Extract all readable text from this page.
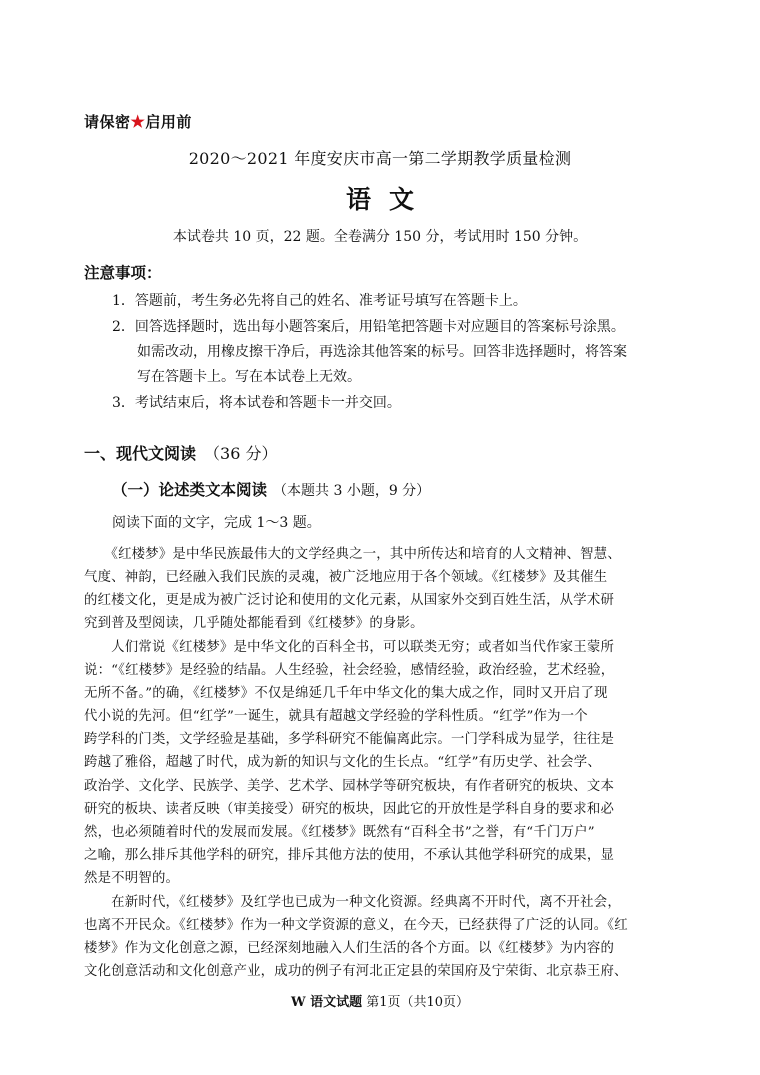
请保密★启用前
2020～2021 年度安庆市高一第二学期教学质量检测
语文
本试卷共 10 页，22 题。全卷满分 150 分，考试用时 150 分钟。
注意事项：
1．答题前，考生务必先将自己的姓名、准考证号填写在答题卡上。
2．回答选择题时，选出每小题答案后，用铅笔把答题卡对应题目的答案标号涂黑。
如需改动，用橡皮擦干净后，再选涂其他答案的标号。回答非选择题时，将答案
写在答题卡上。写在本试卷上无效。
3．考试结束后，将本试卷和答题卡一并交回。
一、现代文阅读 （36 分）
（一）论述类文本阅读 （本题共 3 小题，9 分）
阅读下面的文字，完成 1～3 题。
　　《红楼梦》是中华民族最伟大的文学经典之一，其中所传达和培育的人文精神、智慧、
气度、神韵，已经融入我们民族的灵魂，被广泛地应用于各个领域。《红楼梦》及其催生
的红楼文化，更是成为被广泛讨论和使用的文化元素，从国家外交到百姓生活，从学术研
究到普及型阅读，几乎随处都能看到《红楼梦》的身影。
　　人们常说《红楼梦》是中华文化的百科全书，可以联类无穷；或者如当代作家王蒙所
说：“《红楼梦》是经验的结晶。人生经验，社会经验，感情经验，政治经验，艺术经验，
无所不备。”的确，《红楼梦》不仅是绵延几千年中华文化的集大成之作，同时又开启了现
代小说的先河。但“红学”一诞生，就具有超越文学经验的学科性质。“红学”作为一个
跨学科的门类，文学经验是基础，多学科研究不能偏离此宗。一门学科成为显学，往往是
跨越了雅俗，超越了时代，成为新的知识与文化的生长点。“红学”有历史学、社会学、
政治学、文化学、民族学、美学、艺术学、园林学等研究板块，有作者研究的板块、文本
研究的板块、读者反映（审美接受）研究的板块，因此它的开放性是学科自身的要求和必
然，也必须随着时代的发展而发展。《红楼梦》既然有“百科全书”之誉，有“千门万户”
之喻，那么排斥其他学科的研究，排斥其他方法的使用，不承认其他学科研究的成果，显
然是不明智的。
　　在新时代，《红楼梦》及红学也已成为一种文化资源。经典离不开时代，离不开社会，
也离不开民众。《红楼梦》作为一种文学资源的意义，在今天，已经获得了广泛的认同。《红
楼梦》作为文化创意之源，已经深刻地融入人们生活的各个方面。以《红楼梦》为内容的
文化创意活动和文化创意产业，成功的例子有河北正定县的荣国府及宁荣街、北京恭王府、
W 语文试题 第1页（共10页）
